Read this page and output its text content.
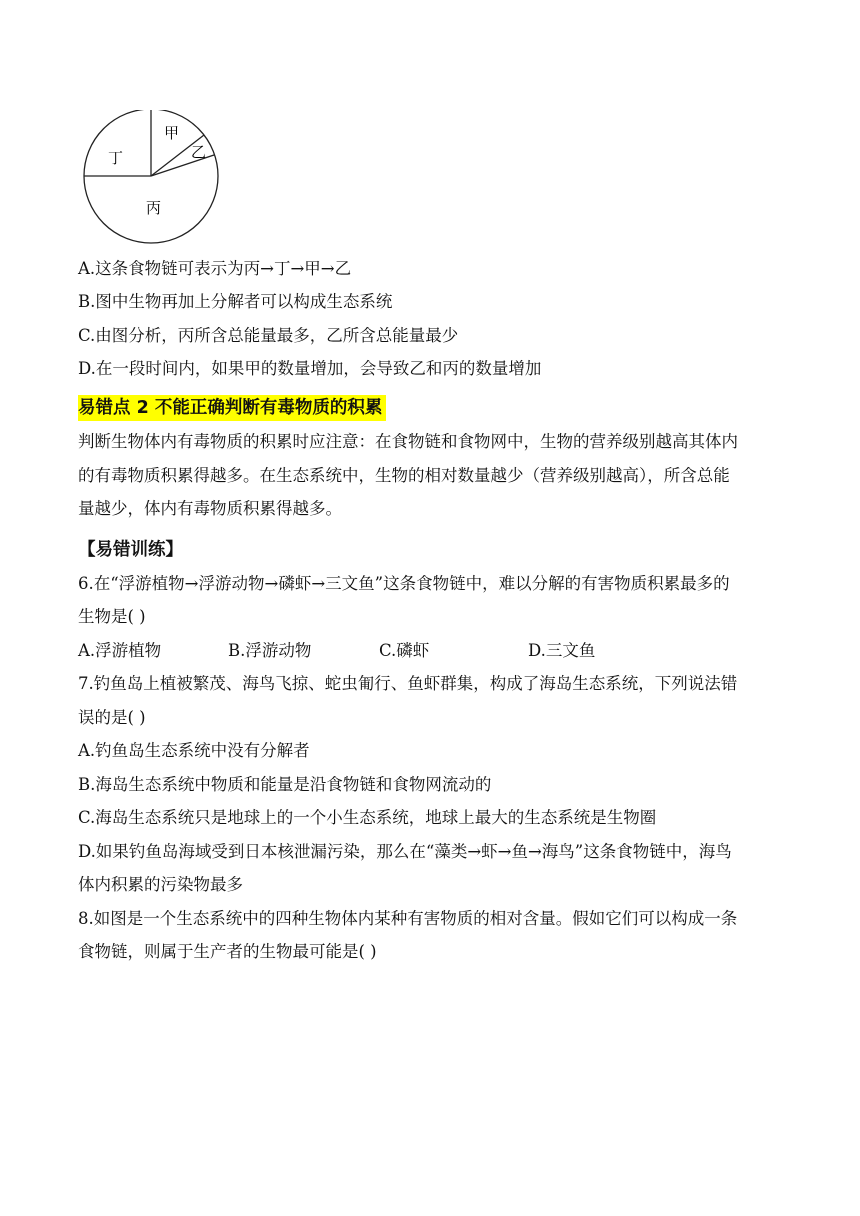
甲
乙
丁
丙
A.这条食物链可表示为丙→丁→甲→乙
B.图中生物再加上分解者可以构成生态系统
C.由图分析，丙所含总能量最多，乙所含总能量最少
D.在一段时间内，如果甲的数量增加，会导致乙和丙的数量增加
易错点 2 不能正确判断有毒物质的积累
判断生物体内有毒物质的积累时应注意：在食物链和食物网中，生物的营养级别越高其体内
的有毒物质积累得越多。在生态系统中，生物的相对数量越少（营养级别越高），所含总能
量越少，体内有毒物质积累得越多。
【易错训练】
6.在“浮游植物→浮游动物→磷虾→三文鱼”这条食物链中，难以分解的有害物质积累最多的
生物是( )
A.浮游植物	B.浮游动物	C.磷虾	D.三文鱼
7.钓鱼岛上植被繁茂、海鸟飞掠、蛇虫匍行、鱼虾群集，构成了海岛生态系统，下列说法错
误的是( )
A.钓鱼岛生态系统中没有分解者
B.海岛生态系统中物质和能量是沿食物链和食物网流动的
C.海岛生态系统只是地球上的一个小生态系统，地球上最大的生态系统是生物圈
D.如果钓鱼岛海域受到日本核泄漏污染，那么在“藻类→虾→鱼→海鸟”这条食物链中，海鸟
体内积累的污染物最多
8.如图是一个生态系统中的四种生物体内某种有害物质的相对含量。假如它们可以构成一条
食物链，则属于生产者的生物最可能是( )
